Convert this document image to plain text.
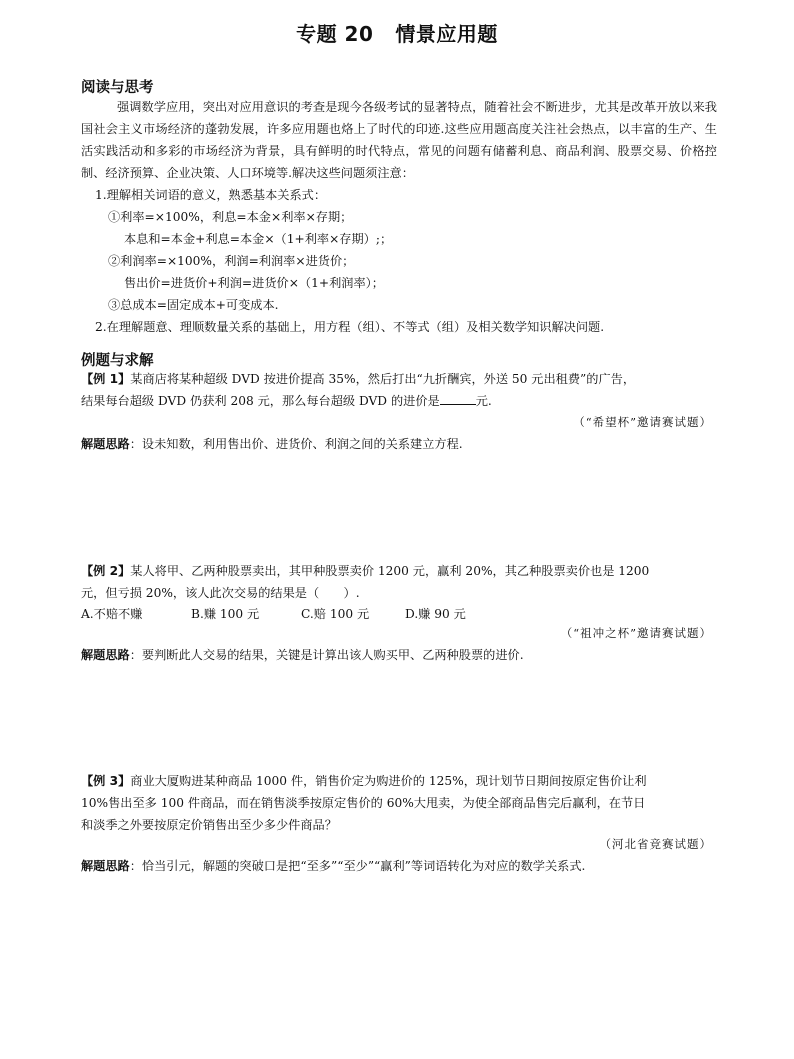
专题 20 情景应用题
阅读与思考
强调数学应用，突出对应用意识的考查是现今各级考试的显著特点，随着社会不断进步，尤其是改革开放以来我国社会主义市场经济的蓬勃发展，许多应用题也烙上了时代的印迹.这些应用题高度关注社会热点，以丰富的生产、生活实践活动和多彩的市场经济为背景，具有鲜明的时代特点，常见的问题有储蓄利息、商品利润、股票交易、价格控制、经济预算、企业决策、人口环境等.解决这些问题须注意：
1.理解相关词语的意义，熟悉基本关系式：
①利率=×100%，利息=本金×利率×存期；
本息和=本金+利息=本金×（1+利率×存期）;；
②利润率=×100%，利润=利润率×进货价；
售出价=进货价+利润=进货价×（1+利润率）；
③总成本=固定成本+可变成本.
2.在理解题意、理顺数量关系的基础上，用方程（组）、不等式（组）及相关数学知识解决问题.
例题与求解
【例 1】某商店将某种超级 DVD 按进价提高 35%，然后打出“九折酬宾，外送 50 元出租费”的广告，
结果每台超级 DVD 仍获利 208 元，那么每台超级 DVD 的进价是	元.
（“希望杯”邀请赛试题）
解题思路：设未知数，利用售出价、进货价、利润之间的关系建立方程.
【例 2】某人将甲、乙两种股票卖出，其甲种股票卖价 1200 元，赢利 20%，其乙种股票卖价也是 1200
元，但亏损 20%，该人此次交易的结果是（　　）.
A.不赔不赚	B.赚 100 元	C.赔 100 元	D.赚 90 元
（“祖冲之杯”邀请赛试题）
解题思路：要判断此人交易的结果，关键是计算出该人购买甲、乙两种股票的进价.
【例 3】商业大厦购进某种商品 1000 件，销售价定为购进价的 125%，现计划节日期间按原定售价让利
10%售出至多 100 件商品，而在销售淡季按原定售价的 60%大甩卖，为使全部商品售完后赢利，在节日
和淡季之外要按原定价销售出至少多少件商品？
（河北省竞赛试题）
解题思路：恰当引元，解题的突破口是把“至多”“至少”“赢利”等词语转化为对应的数学关系式.
